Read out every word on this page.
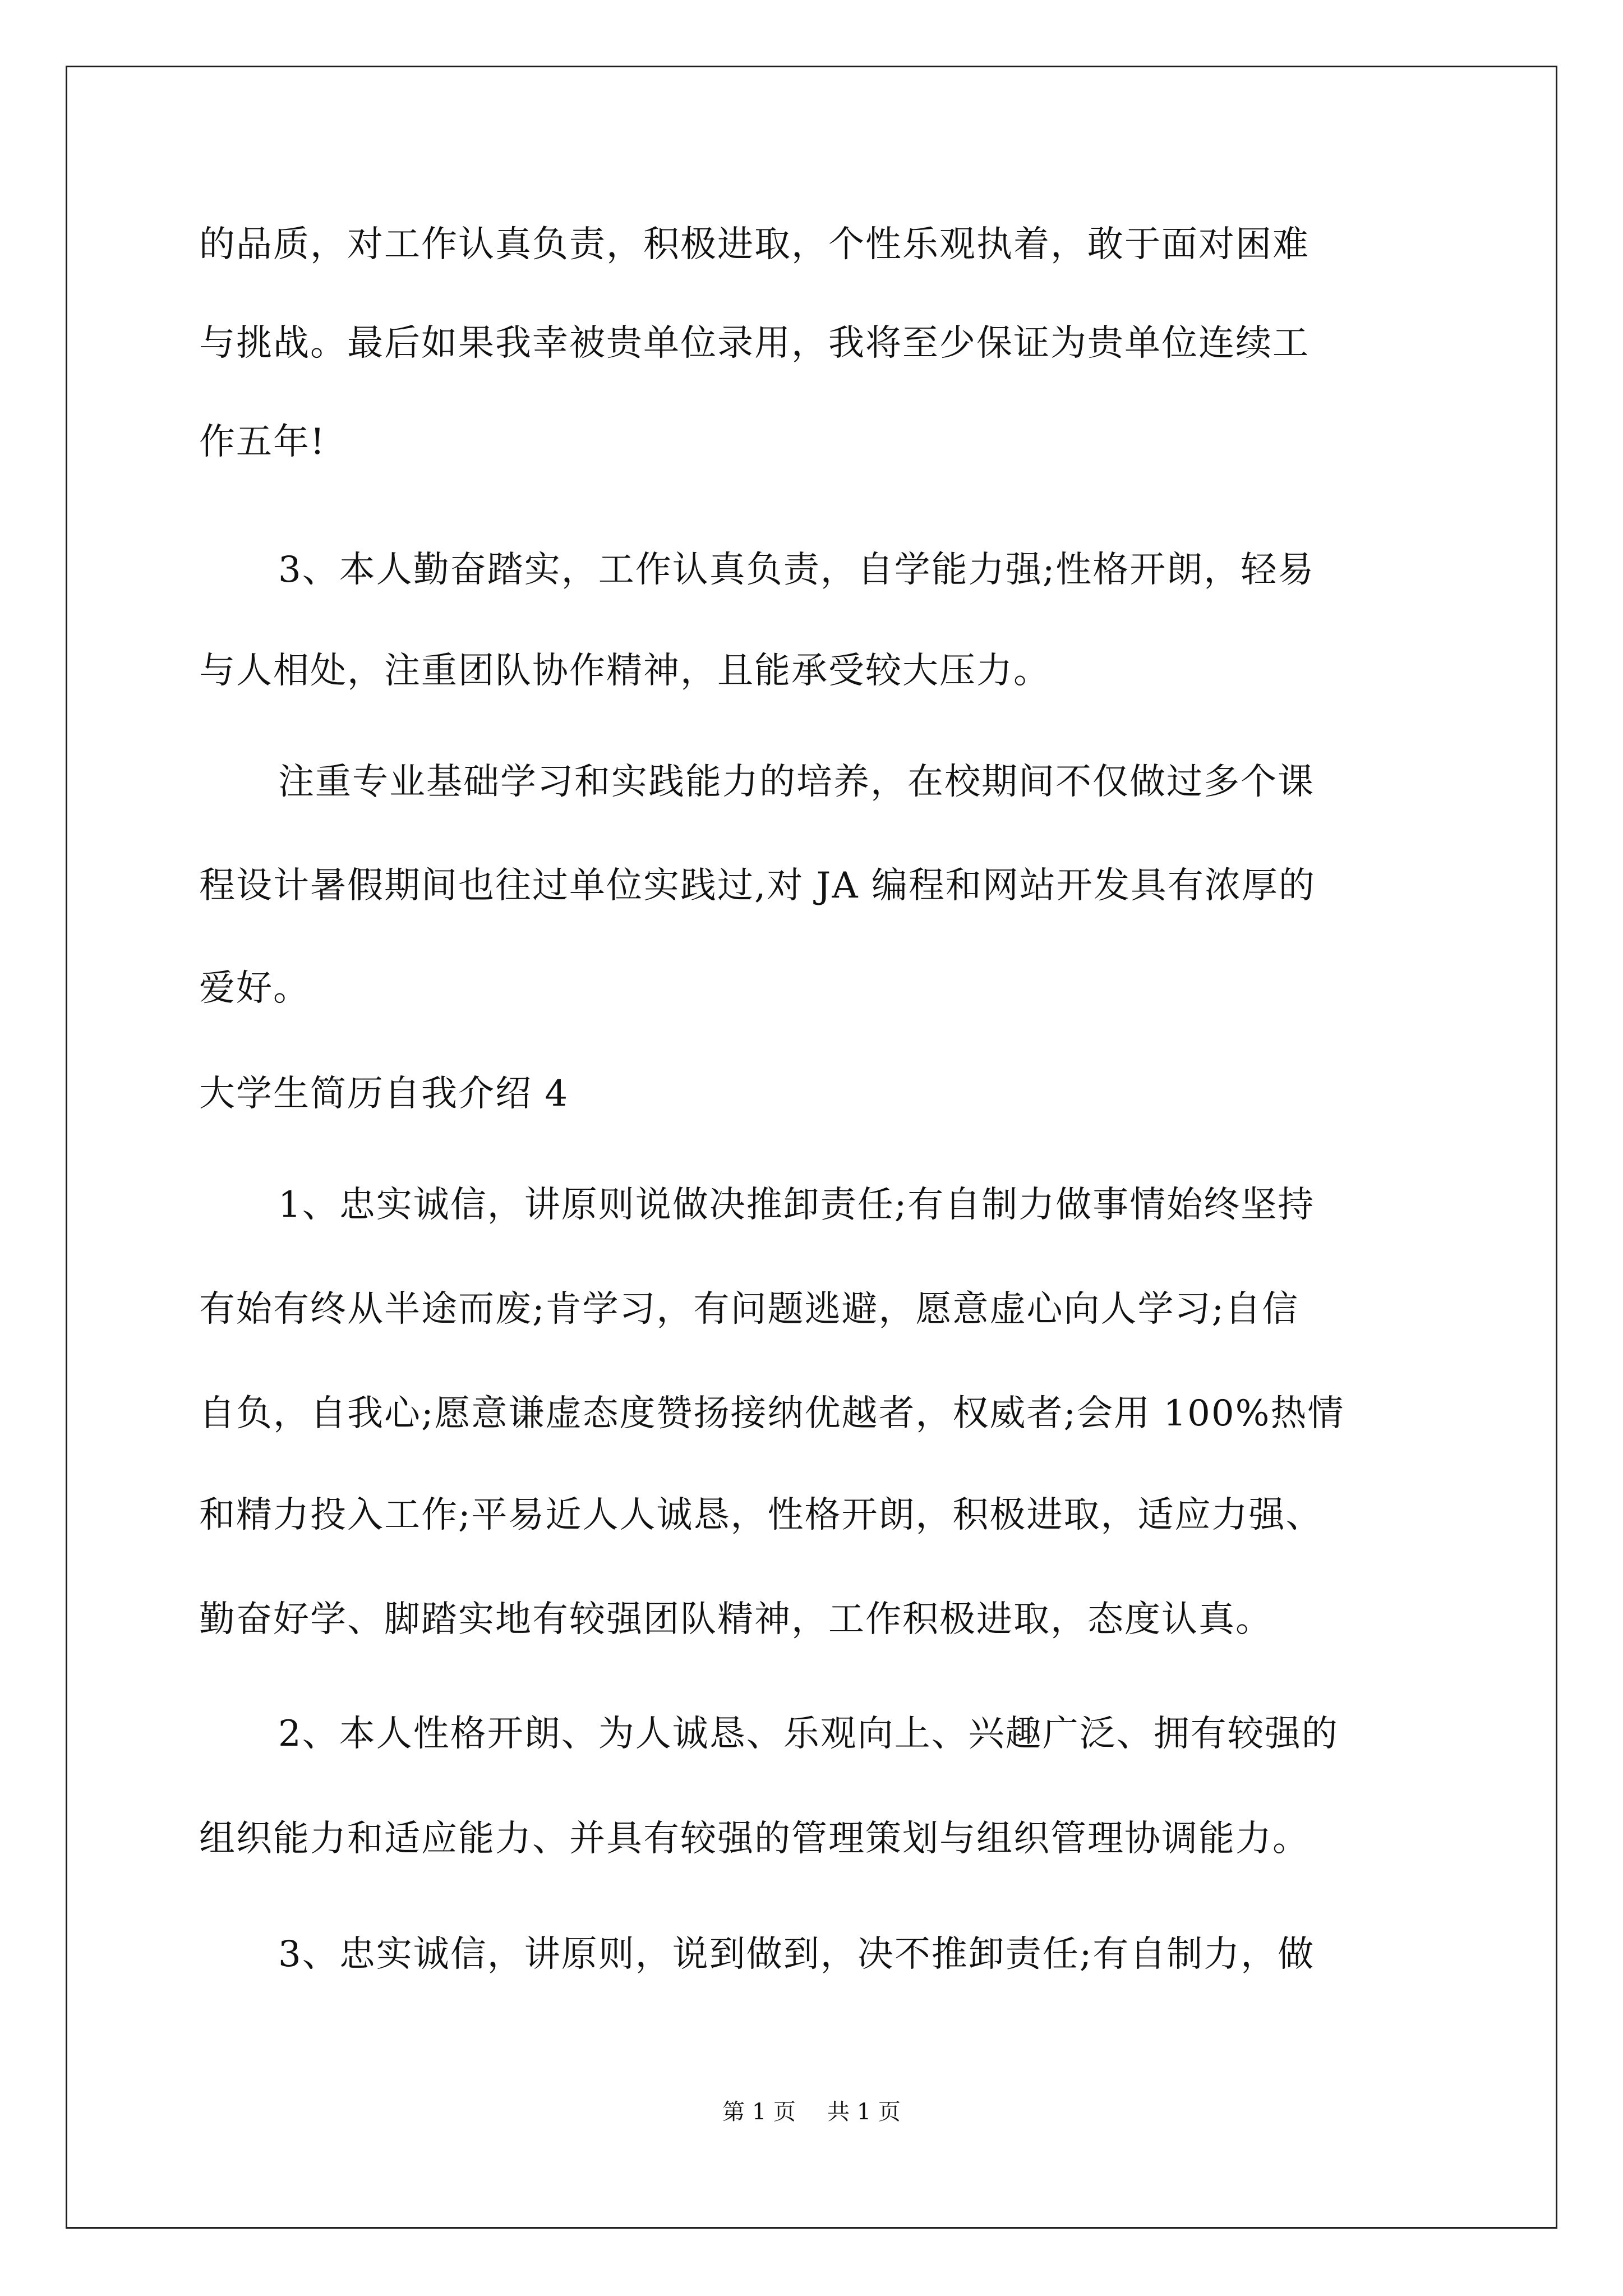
的品质，对工作认真负责，积极进取，个性乐观执着，敢于面对困难
与挑战。最后如果我幸被贵单位录用，我将至少保证为贵单位连续工
作五年!
3、本人勤奋踏实，工作认真负责，自学能力强;性格开朗，轻易
与人相处，注重团队协作精神，且能承受较大压力。
注重专业基础学习和实践能力的培养，在校期间不仅做过多个课
程设计暑假期间也往过单位实践过,对 JA 编程和网站开发具有浓厚的
爱好。
大学生简历自我介绍 4
1、忠实诚信，讲原则说做决推卸责任;有自制力做事情始终坚持
有始有终从半途而废;肯学习，有问题逃避，愿意虚心向人学习;自信
自负，自我心;愿意谦虚态度赞扬接纳优越者，权威者;会用 100%热情
和精力投入工作;平易近人人诚恳，性格开朗，积极进取，适应力强、
勤奋好学、脚踏实地有较强团队精神，工作积极进取，态度认真。
2、本人性格开朗、为人诚恳、乐观向上、兴趣广泛、拥有较强的
组织能力和适应能力、并具有较强的管理策划与组织管理协调能力。
3、忠实诚信，讲原则，说到做到，决不推卸责任;有自制力，做
第 1 页 共 1 页
